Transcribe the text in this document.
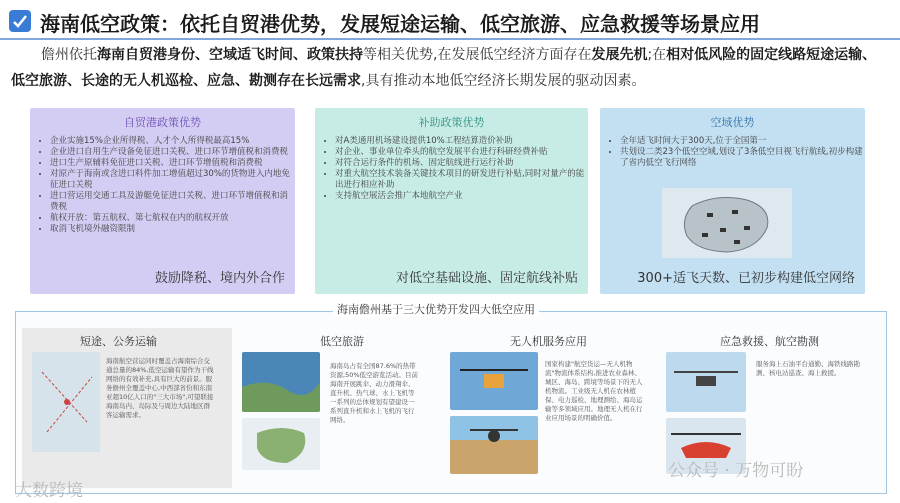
海南低空政策：依托自贸港优势，发展短途运输、低空旅游、应急救援等场景应用
儋州依托海南自贸港身份、空域适飞时间、政策扶持等相关优势,在发展低空经济方面存在发展先机;在相对低风险的固定线路短途运输、低空旅游、长途的无人机巡检、应急、勘测存在长远需求,具有推动本地低空经济长期发展的驱动因素。
自贸港政策优势
• 企业实施15%企业所得税、人才个人所得税最高15%
• 企业进口自用生产设备免征进口关税、进口环节增值税和消费税
• 进口生产原辅料免征进口关税、进口环节增值税和消费税
• 对原产于海南或含进口料件加工增值超过30%的货物进入内地免征进口关税
• 进口营运用交通工具及游艇免征进口关税、进口环节增值税和消费税
• 航权开放：第五航权、第七航权在内的航权开放
• 取消飞机境外融资限制
鼓励降税、境内外合作
补助政策优势
• 对A类通用机场建设提供10%工程结算造价补助
• 对企业、事业单位牵头的航空发展平台进行科研经费补贴
• 对符合运行条件的机场、固定航线进行运行补助
• 对重大航空技术装备关键技术项目的研发进行补贴,同时对量产的能出进行相应补助
• 支持航空展活会推广本地航空产业
对低空基础设施、固定航线补贴
空域优势
• 全年适飞时间大于300天,位于全国第一
• 共划设二类23个低空空域,划设了3条低空目视飞行航线,初步构建了省内低空飞行网络
300+适飞天数、已初步构建低空网络
海南儋州基于三大优势开发四大低空应用
短途、公务运输
海南航空营运同时覆盖占海南综合交通总量的84%,低空运输有望作为干线网络的有效补充,具有巨大的前景。服务儋州全覆盖中心,中西部省份和东南亚超10亿人口的"三大市场",可望联接海南岛内、岛际及与周边大陆地区群客运输需求。
低空旅游
海南岛占有全国87.6%的热带资源,50%低空游览活动。目前海南开展跳伞、动力滑翔伞、直升机、热气球、水上飞机等一系列的总体规划有望建设一系列直升机和水上飞机的飞行网络。
无人机服务应用
国家构建"航空货运—无人机物流"物流体系结构,推进农业森林、城区、海岛、跨境等场景下的无人机物流。工业级无人机在农林植保、电力巡检、地理测绘、海岛运输等多领域应用。地理无人机在行业应用场景的明确价值。
应急救援、航空勘测
服务海上石油平台通勤、海铁线路勘测、核电站巡查、海上救援。
大数跨境
公众号 · 万物可盼
